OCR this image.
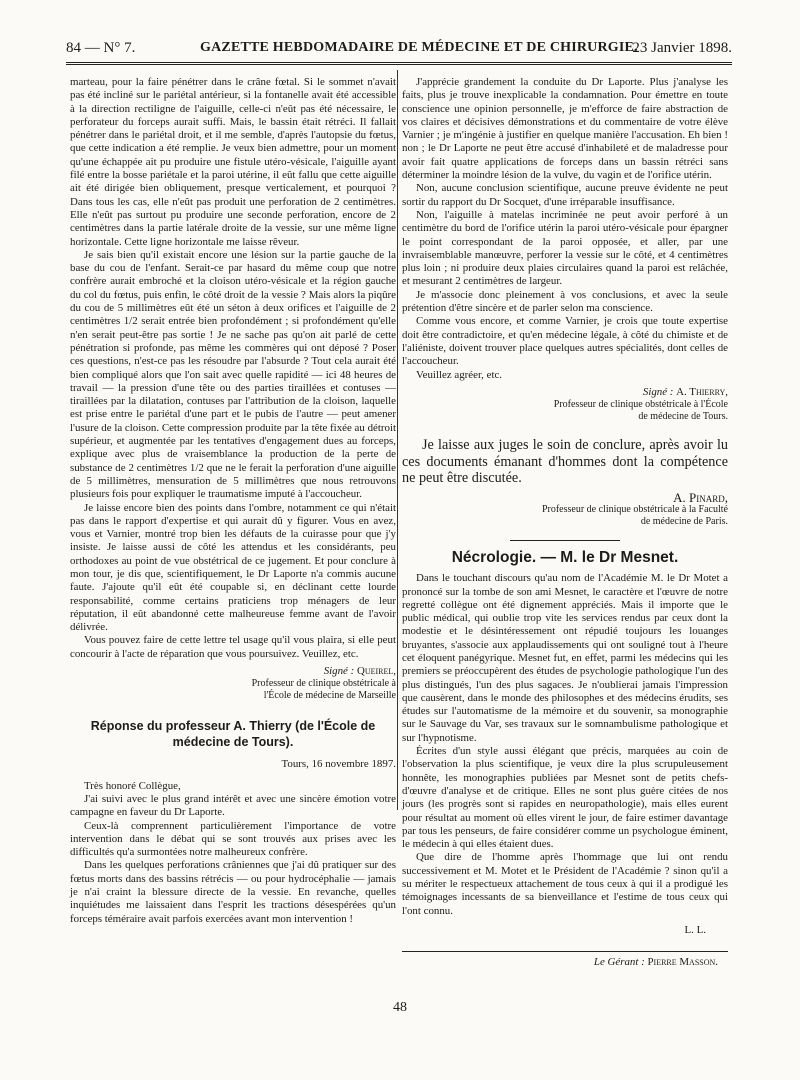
84 — N° 7.	GAZETTE HEBDOMADAIRE DE MÉDECINE ET DE CHIRURGIE.
23 Janvier 1898.

marteau, pour la faire pénétrer dans le crâne fœtal. Si le sommet n'avait pas été incliné sur le pariétal antérieur, si la fontanelle avait été accessible à la direction rectiligne de l'aiguille, celle-ci n'eût pas été nécessaire, le perforateur du forceps aurait suffi. Mais, le bassin était rétréci. Il fallait pénétrer dans le pariétal droit, et il me semble, d'après l'autopsie du fœtus, que cette indication a été remplie. Je veux bien admettre, pour un moment qu'une échappée ait pu produire une fistule utéro-vésicale, l'aiguille ayant filé entre la bosse pariétale et la paroi utérine, il eût fallu que cette aiguille ait été dirigée bien obliquement, presque verticalement, et pourquoi ? Dans tous les cas, elle n'eût pas produit une perforation de 2 centimètres. Elle n'eût pas surtout pu produire une seconde perforation, encore de 2 centimètres dans la partie latérale droite de la vessie, sur une même ligne horizontale. Cette ligne horizontale me laisse rêveur.

Je sais bien qu'il existait encore une lésion sur la partie gauche de la base du cou de l'enfant. Serait-ce par hasard du même coup que notre confrère aurait embroché et la cloison utéro-vésicale et la région gauche du col du fœtus, puis enfin, le côté droit de la vessie ? Mais alors la piqûre du cou de 5 millimètres eût été un séton à deux orifices et l'aiguille de 2 centimètres 1/2 serait entrée bien profondément ; si profondément qu'elle n'en serait peut-être pas sortie ! Je ne sache pas qu'on ait parlé de cette pénétration si profonde, pas même les commères qui ont déposé ? Poser ces questions, n'est-ce pas les résoudre par l'absurde ? Tout cela aurait été bien compliqué alors que l'on sait avec quelle rapidité — ici 48 heures de travail — la pression d'une tête ou des parties tiraillées et contuses — tiraillées par la dilatation, contuses par l'attribution de la cloison, laquelle est prise entre le pariétal d'une part et le pubis de l'autre — peut amener l'usure de la cloison. Cette compression produite par la tête fixée au détroit supérieur, et augmentée par les tentatives d'engagement dues au forceps, explique avec plus de vraisemblance la production de la perte de substance de 2 centimètres 1/2 que ne le ferait la perforation d'une aiguille de 5 millimètres, mensuration de 5 millimètres que nous retrouvons plusieurs fois pour expliquer le traumatisme imputé à l'accoucheur.

Je laisse encore bien des points dans l'ombre, notamment ce qui n'était pas dans le rapport d'expertise et qui aurait dû y figurer. Vous en avez, vous et Varnier, montré trop bien les défauts de la cuirasse pour que j'y insiste. Je laisse aussi de côté les attendus et les considérants, peu orthodoxes au point de vue obstétrical de ce jugement. Et pour conclure à mon tour, je dis que, scientifiquement, le Dr Laporte n'a commis aucune faute. J'ajoute qu'il eût été coupable si, en déclinant cette lourde responsabilité, comme certains praticiens trop ménagers de leur réputation, il eût abandonné cette malheureuse femme avant de l'avoir délivrée.

Vous pouvez faire de cette lettre tel usage qu'il vous plaira, si elle peut concourir à l'acte de réparation que vous poursuivez. Veuillez, etc.

Signé : Queirel,
Professeur de clinique obstétricale à
l'École de médecine de Marseille
Réponse du professeur A. Thierry (de l'École de médecine de Tours).
Tours, 16 novembre 1897.

Très honoré Collègue,

J'ai suivi avec le plus grand intérêt et avec une sincère émotion votre campagne en faveur du Dr Laporte.

Ceux-là comprennent particulièrement l'importance de votre intervention dans le débat qui se sont trouvés aux prises avec les difficultés qu'a surmontées notre malheureux confrère.

Dans les quelques perforations crâniennes que j'ai dû pratiquer sur des fœtus morts dans des bassins rétrécis — ou pour hydrocéphalie — jamais je n'ai craint la blessure directe de la vessie. En revanche, quelles inquiétudes me laissaient dans l'esprit les tractions désespérées qu'un forceps téméraire avait parfois exercées avant mon intervention !

J'apprécie grandement la conduite du Dr Laporte. Plus j'analyse les faits, plus je trouve inexplicable la condamnation. Pour émettre en toute conscience une opinion personnelle, je m'efforce de faire abstraction de vos claires et décisives démonstrations et du commentaire de votre élève Varnier ; je m'ingénie à justifier en quelque manière l'accusation. Eh bien ! non ; le Dr Laporte ne peut être accusé d'inhabileté et de maladresse pour avoir fait quatre applications de forceps dans un bassin rétréci sans déterminer la moindre lésion de la vulve, du vagin et de l'orifice utérin.

Non, aucune conclusion scientifique, aucune preuve évidente ne peut sortir du rapport du Dr Socquet, d'une irréparable insuffisance.

Non, l'aiguille à matelas incriminée ne peut avoir perforé à un centimètre du bord de l'orifice utérin la paroi utéro-vésicale pour épargner le point correspondant de la paroi opposée, et aller, par une invraisemblable manœuvre, perforer la vessie sur le côté, et 4 centimètres plus loin ; ni produire deux plaies circulaires quand la paroi est relâchée, et mesurant 2 centimètres de largeur.

Je m'associe donc pleinement à vos conclusions, et avec la seule prétention d'être sincère et de parler selon ma conscience.

Comme vous encore, et comme Varnier, je crois que toute expertise doit être contradictoire, et qu'en médecine légale, à côté du chimiste et de l'aliéniste, doivent trouver place quelques autres spécialités, dont celles de l'accoucheur.

Veuillez agréer, etc.

Signé : A. Thierry,
Professeur de clinique obstétricale à l'École
de médecine de Tours.

Je laisse aux juges le soin de conclure, après avoir lu ces documents émanant d'hommes dont la compétence ne peut être discutée.

A. Pinard,
Professeur de clinique obstétricale à la Faculté
de médecine de Paris.
Nécrologie. — M. le Dr Mesnet.

Dans le touchant discours qu'au nom de l'Académie M. le Dr Motet a prononcé sur la tombe de son ami Mesnet, le caractère et l'œuvre de notre regretté collègue ont été dignement appréciés. Mais il importe que le public médical, qui oublie trop vite les services rendus par ceux dont la modestie et le désintéressement ont répudié toujours les louanges bruyantes, s'associe aux applaudissements qui ont souligné tout à l'heure cet éloquent panégyrique. Mesnet fut, en effet, parmi les médecins qui les premiers se préoccupèrent des études de psychologie pathologique l'un des plus distingués, l'un des plus sagaces. Je n'oublierai jamais l'impression que causèrent, dans le monde des philosophes et des médecins érudits, ses études sur l'automatisme de la mémoire et du souvenir, sa monographie sur le Sauvage du Var, ses travaux sur le somnambulisme pathologique et sur l'hypnotisme.

Écrites d'un style aussi élégant que précis, marquées au coin de l'observation la plus scientifique, je veux dire la plus scrupuleusement honnête, les monographies publiées par Mesnet sont de petits chefs-d'œuvre d'analyse et de critique. Elles ne sont plus guère citées de nos jours (les progrès sont si rapides en neuropathologie), mais elles eurent pour résultat au moment où elles virent le jour, de faire estimer davantage par tous les penseurs, de faire considérer comme un psychologue éminent, le médecin à qui elles étaient dues.

Que dire de l'homme après l'hommage que lui ont rendu successivement et M. Motet et le Président de l'Académie ? sinon qu'il a su mériter le respectueux attachement de tous ceux à qui il a prodigué les témoignages incessants de sa bienveillance et l'estime de tous ceux qui l'ont connu.

L. L.
Le Gérant : Pierre Masson.
48
